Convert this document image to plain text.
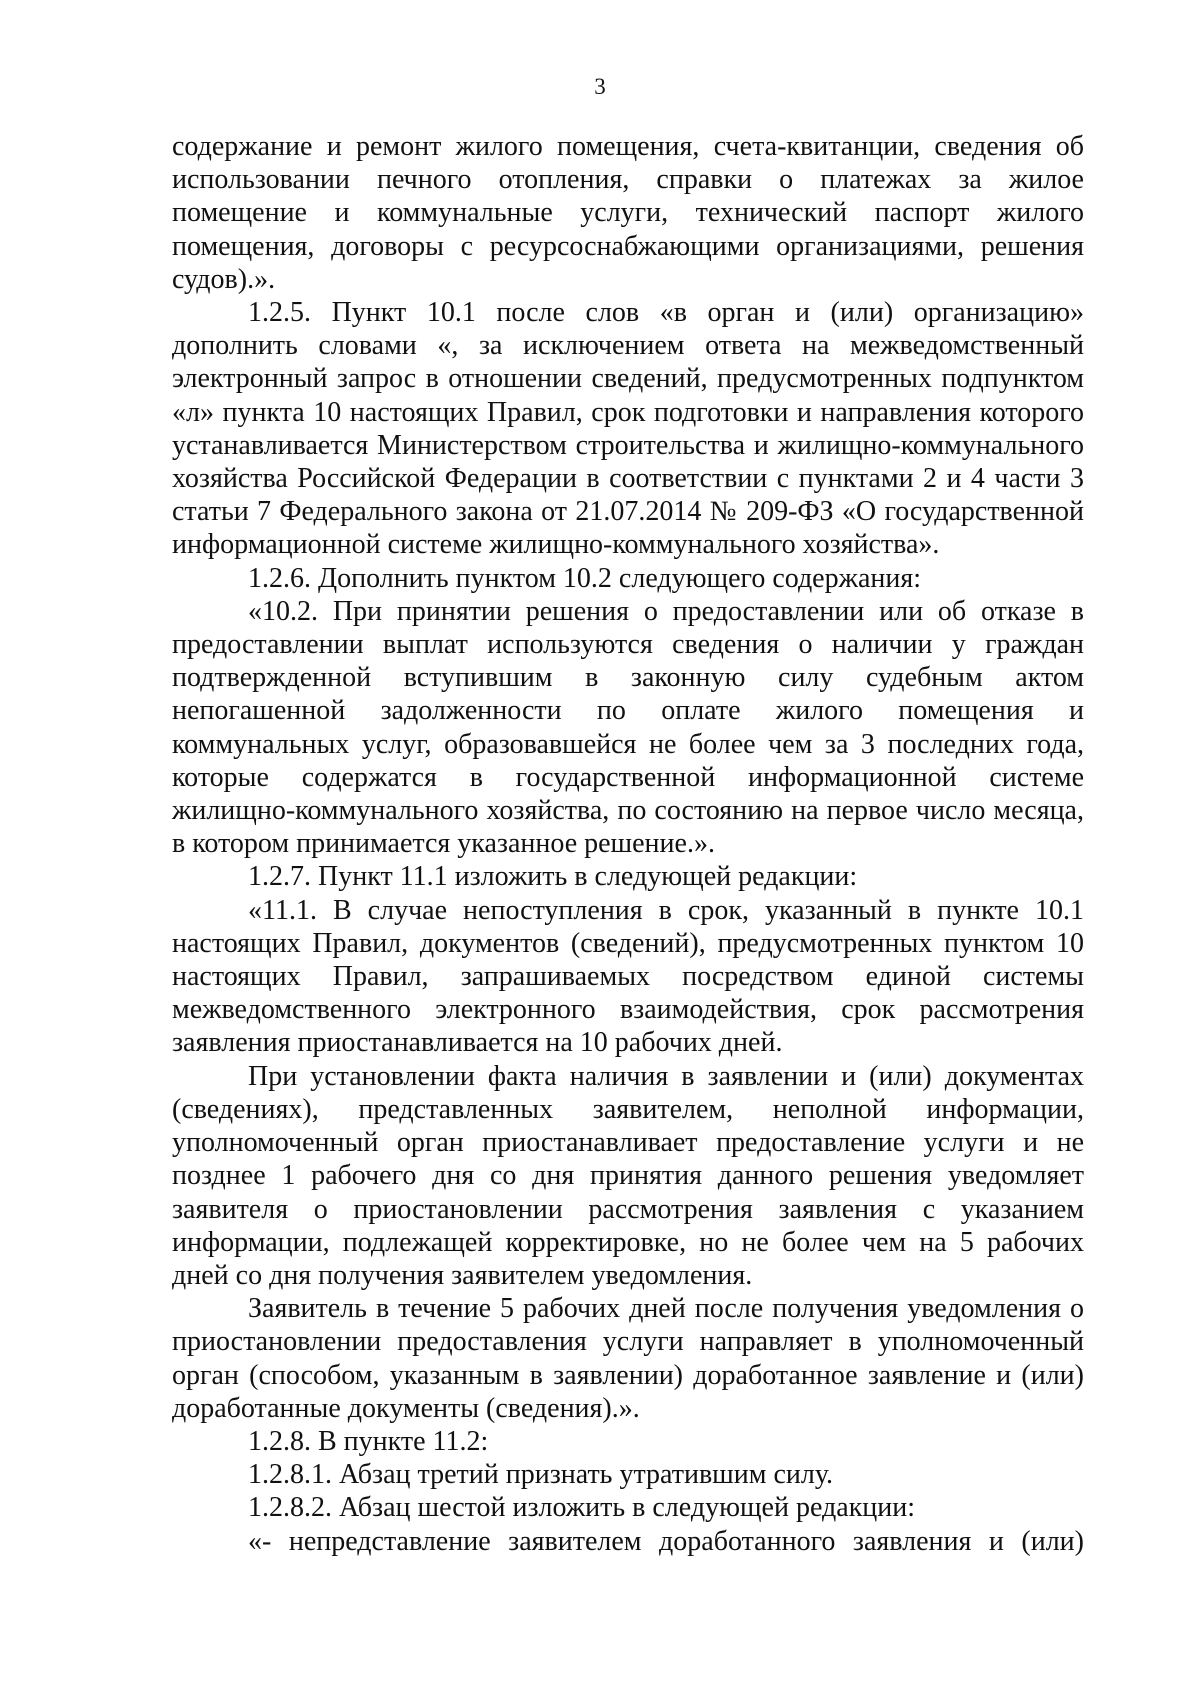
3

содержание и ремонт жилого помещения, счета-квитанции, сведения об использовании печного отопления, справки о платежах за жилое помещение и коммунальные услуги, технический паспорт жилого помещения, договоры с ресурсоснабжающими организациями, решения судов).».

1.2.5. Пункт 10.1 после слов «в орган и (или) организацию» дополнить словами «, за исключением ответа на межведомственный электронный запрос в отношении сведений, предусмотренных подпунктом «л» пункта 10 настоящих Правил, срок подготовки и направления которого устанавливается Министерством строительства и жилищно-коммунального хозяйства Российской Федерации в соответствии с пунктами 2 и 4 части 3 статьи 7 Федерального закона от 21.07.2014 № 209-ФЗ «О государственной информационной системе жилищно-коммунального хозяйства».

1.2.6. Дополнить пунктом 10.2 следующего содержания:

«10.2. При принятии решения о предоставлении или об отказе в предоставлении выплат используются сведения о наличии у граждан подтвержденной вступившим в законную силу судебным актом непогашенной задолженности по оплате жилого помещения и коммунальных услуг, образовавшейся не более чем за 3 последних года, которые содержатся в государственной информационной системе жилищно-коммунального хозяйства, по состоянию на первое число месяца, в котором принимается указанное решение.».

1.2.7. Пункт 11.1 изложить в следующей редакции:

«11.1. В случае непоступления в срок, указанный в пункте 10.1 настоящих Правил, документов (сведений), предусмотренных пунктом 10 настоящих Правил, запрашиваемых посредством единой системы межведомственного электронного взаимодействия, срок рассмотрения заявления приостанавливается на 10 рабочих дней.

При установлении факта наличия в заявлении и (или) документах (сведениях), представленных заявителем, неполной информации, уполномоченный орган приостанавливает предоставление услуги и не позднее 1 рабочего дня со дня принятия данного решения уведомляет заявителя о приостановлении рассмотрения заявления с указанием информации, подлежащей корректировке, но не более чем на 5 рабочих дней со дня получения заявителем уведомления.

Заявитель в течение 5 рабочих дней после получения уведомления о приостановлении предоставления услуги направляет в уполномоченный орган (способом, указанным в заявлении) доработанное заявление и (или) доработанные документы (сведения).».

1.2.8. В пункте 11.2:

1.2.8.1. Абзац третий признать утратившим силу.

1.2.8.2. Абзац шестой изложить в следующей редакции:

«- непредставление заявителем доработанного заявления и (или)
